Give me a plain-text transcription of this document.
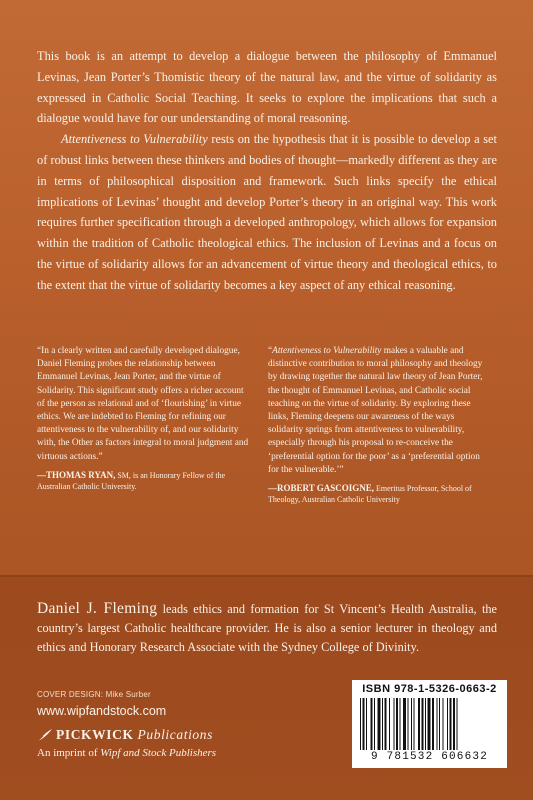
This book is an attempt to develop a dialogue between the philosophy of Emmanuel Levinas, Jean Porter’s Thomistic theory of the natural law, and the virtue of solidarity as expressed in Catholic Social Teaching. It seeks to explore the implications that such a dialogue would have for our understanding of moral reasoning.

Attentiveness to Vulnerability rests on the hypothesis that it is possible to develop a set of robust links between these thinkers and bodies of thought—markedly different as they are in terms of philosophical disposition and framework. Such links specify the ethical implications of Levinas’ thought and develop Porter’s theory in an original way. This work requires further specification through a developed anthropology, which allows for expansion within the tradition of Catholic theological ethics. The inclusion of Levinas and a focus on the virtue of solidarity allows for an advancement of virtue theory and theological ethics, to the extent that the virtue of solidarity becomes a key aspect of any ethical reasoning.

“In a clearly written and carefully developed dialogue, Daniel Fleming probes the relationship between Emmanuel Levinas, Jean Porter, and the virtue of Solidarity. This significant study offers a richer account of the person as relational and of ‘flourishing’ in virtue ethics. We are indebted to Fleming for refining our attentiveness to the vulnerability of, and our solidarity with, the Other as factors integral to moral judgment and virtuous actions.”

—THOMAS RYAN, SM, is an Honorary Fellow of the Australian Catholic University.

“Attentiveness to Vulnerability makes a valuable and distinctive contribution to moral philosophy and theology by drawing together the natural law theory of Jean Porter, the thought of Emmanuel Levinas, and Catholic social teaching on the virtue of solidarity. By exploring these links, Fleming deepens our awareness of the ways solidarity springs from attentiveness to vulnerability, especially through his proposal to re-conceive the ‘preferential option for the poor’ as a ‘preferential option for the vulnerable.’”

—ROBERT GASCOIGNE, Emeritus Professor, School of Theology, Australian Catholic University
Daniel J. Fleming leads ethics and formation for St Vincent’s Health Australia, the country’s largest Catholic healthcare provider. He is also a senior lecturer in theology and ethics and Honorary Research Associate with the Sydney College of Divinity.
COVER DESIGN: Mike Surber
www.wipfandstock.com
PICKWICK Publications
An imprint of Wipf and Stock Publishers
ISBN 978-1-5326-0663-2
9 781532 606632
